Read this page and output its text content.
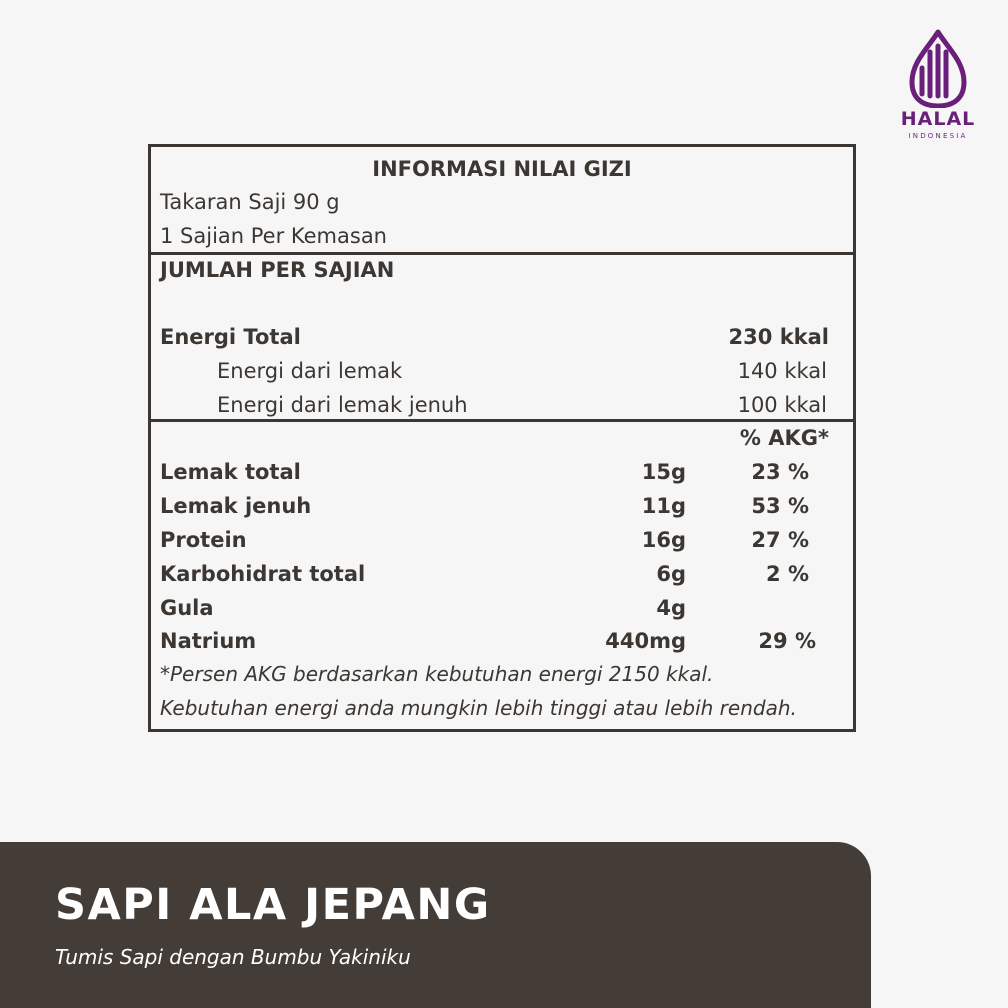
HALAL
INDONESIA
INFORMASI NILAI GIZI
Takaran Saji 90 g
1 Sajian Per Kemasan
JUMLAH PER SAJIAN
Energi Total	230 kkal
Energi dari lemak	140 kkal
Energi dari lemak jenuh	100 kkal
% AKG*
Lemak total	15g	23 %
Lemak jenuh	11g	53 %
Protein	16g	27 %
Karbohidrat total	6g	2 %
Gula	4g
Natrium	440mg	29 %
*Persen AKG berdasarkan kebutuhan energi 2150 kkal.
Kebutuhan energi anda mungkin lebih tinggi atau lebih rendah.
SAPI ALA JEPANG
Tumis Sapi dengan Bumbu Yakiniku
